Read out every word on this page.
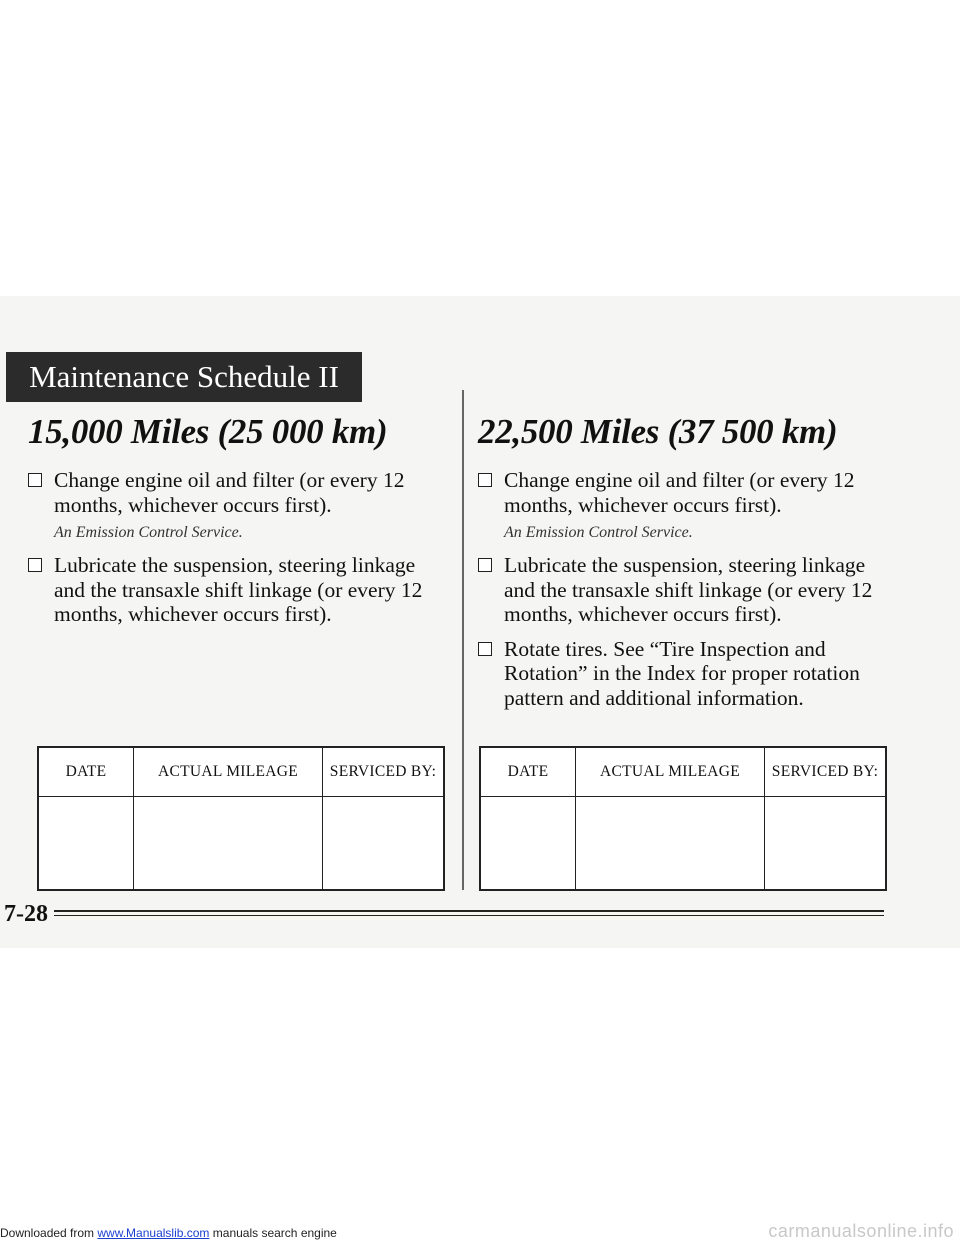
Maintenance Schedule II
15,000 Miles (25 000 km)
Change engine oil and filter (or every 12 months, whichever occurs first).
An Emission Control Service.
Lubricate the suspension, steering linkage and the transaxle shift linkage (or every 12 months, whichever occurs first).
22,500 Miles (37 500 km)
Change engine oil and filter (or every 12 months, whichever occurs first).
An Emission Control Service.
Lubricate the suspension, steering linkage and the transaxle shift linkage (or every 12 months, whichever occurs first).
Rotate tires. See “Tire Inspection and Rotation” in the Index for proper rotation pattern and additional information.
DATE	ACTUAL MILEAGE	SERVICED BY:
			DATE	ACTUAL MILEAGE	SERVICED BY:

7-28
Downloaded from www.Manualslib.com manuals search engine	carmanualsonline.info
